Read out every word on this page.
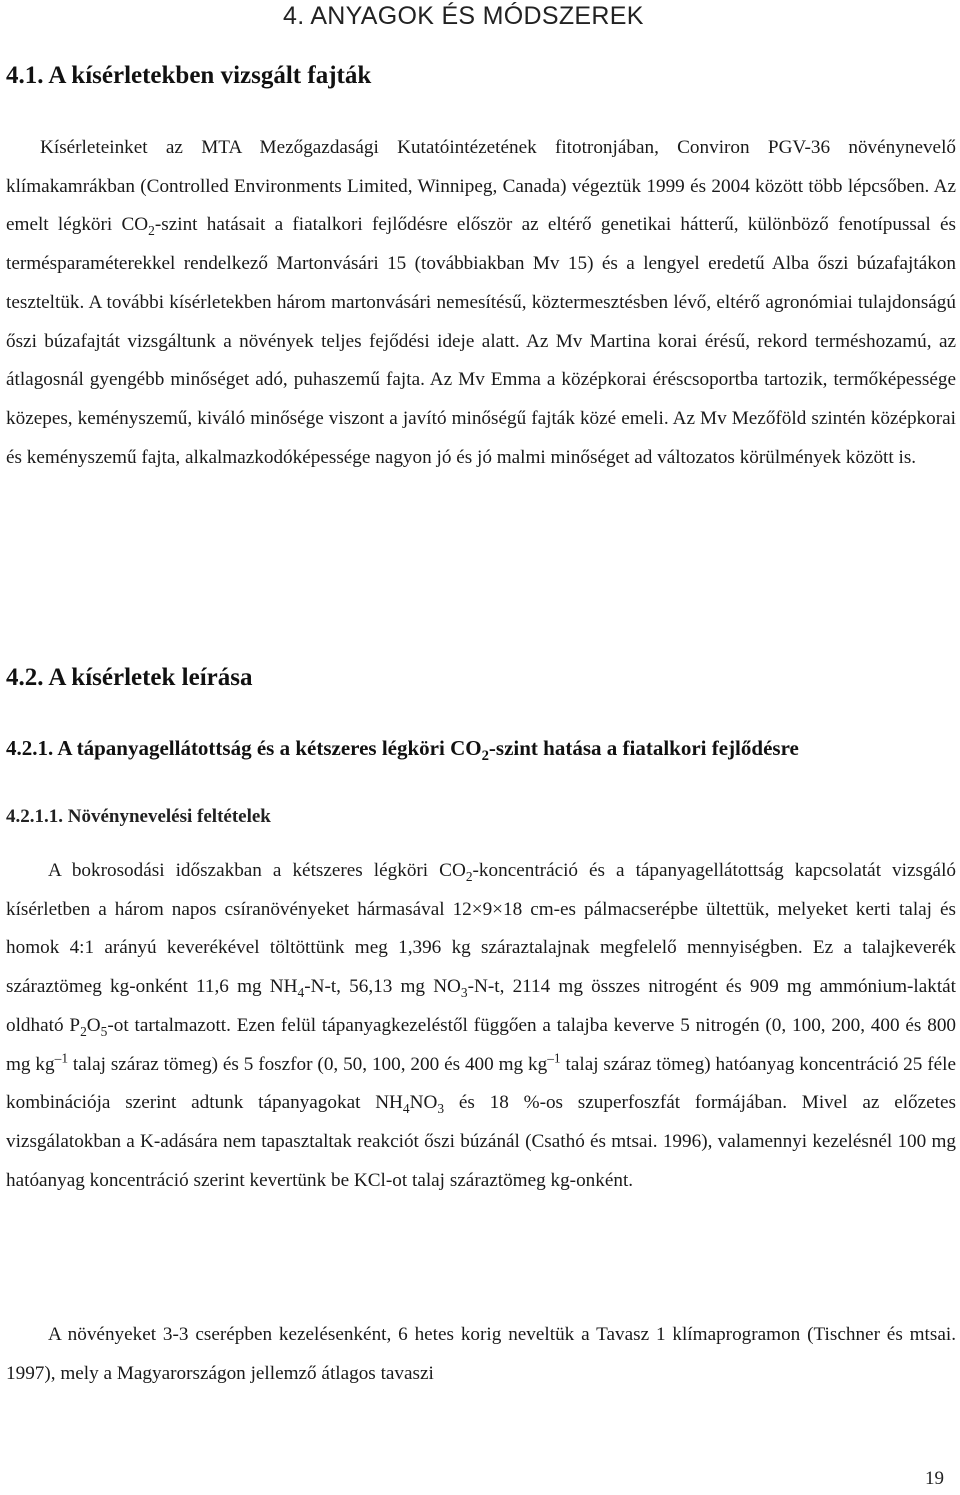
4. ANYAGOK ÉS MÓDSZEREK
4.1. A kísérletekben vizsgált fajták

Kísérleteinket az MTA Mezőgazdasági Kutatóintézetének fitotronjában, Conviron PGV-36 növénynevelő klímakamrákban (Controlled Environments Limited, Winnipeg, Canada) végeztük 1999 és 2004 között több lépcsőben. Az emelt légköri $CO_2$-szint hatásait a fiatalkori fejlődésre először az eltérő genetikai hátterű, különböző fenotípussal és termésparaméterekkel rendelkező Martonvásári 15 (továbbiakban Mv 15) és a lengyel eredetű Alba őszi búzafajtákon teszteltük. A további kísérletekben három martonvásári nemesítésű, köztermesztésben lévő, eltérő agronómiai tulajdonságú őszi búzafajtát vizsgáltunk a növények teljes fejődési ideje alatt. Az Mv Martina korai érésű, rekord terméshozamú, az átlagosnál gyengébb minőséget adó, puhaszemű fajta. Az Mv Emma a középkorai éréscsoportba tartozik, termőképessége közepes, keményszemű, kiváló minősége viszont a javító minőségű fajták közé emeli. Az Mv Mezőföld szintén középkorai és keményszemű fajta, alkalmazkodóképessége nagyon jó és jó malmi minőséget ad változatos körülmények között is.

4.2. A kísérletek leírása
4.2.1. A tápanyagellátottság és a kétszeres légköri $CO_2$-szint hatása a fiatalkori fejlődésre
4.2.1.1. Növénynevelési feltételek

A bokrosodási időszakban a kétszeres légköri $CO_2$-koncentráció és a tápanyagellátottság kapcsolatát vizsgáló kísérletben a három napos csíranövényeket hármasával 12×9×18 cm-es pálmacserépbe ültettük, melyeket kerti talaj és homok 4:1 arányú keverékével töltöttünk meg 1,396 kg száraztalajnak megfelelő mennyiségben. Ez a talajkeverék száraztömeg kg-onként 11,6 mg $NH_4-N-t$, 56,13 mg $NO_3-N-t$, 2114 mg összes nitrogént és 909 mg ammónium-laktát oldható $P_2O_5-ot$ tartalmazott. Ezen felül tápanyagkezeléstől függően a talajba keverve 5 nitrogén (0, 100, 200, 400 és 800 mg $kg^{-1}$ talaj száraz tömeg) és 5 foszfor (0, 50, 100, 200 és 400 mg $kg^{-1}$ talaj száraz tömeg) hatóanyag koncentráció 25 féle kombinációja szerint adtunk tápanyagokat $NH_4NO_3$ és 18 %-os szuperfoszfát formájában. Mivel az előzetes vizsgálatokban a K-adására nem tapasztaltak reakciót őszi búzánál (Csathó és mtsai. 1996), valamennyi kezelésnél 100 mg hatóanyag koncentráció szerint kevertünk be KCl-ot talaj száraztömeg kg-onként.

A növényeket 3-3 cserépben kezelésenként, 6 hetes korig neveltük a Tavasz 1 klímaprogramon (Tischner és mtsai. 1997), mely a Magyarországon jellemző átlagos tavaszi

19
